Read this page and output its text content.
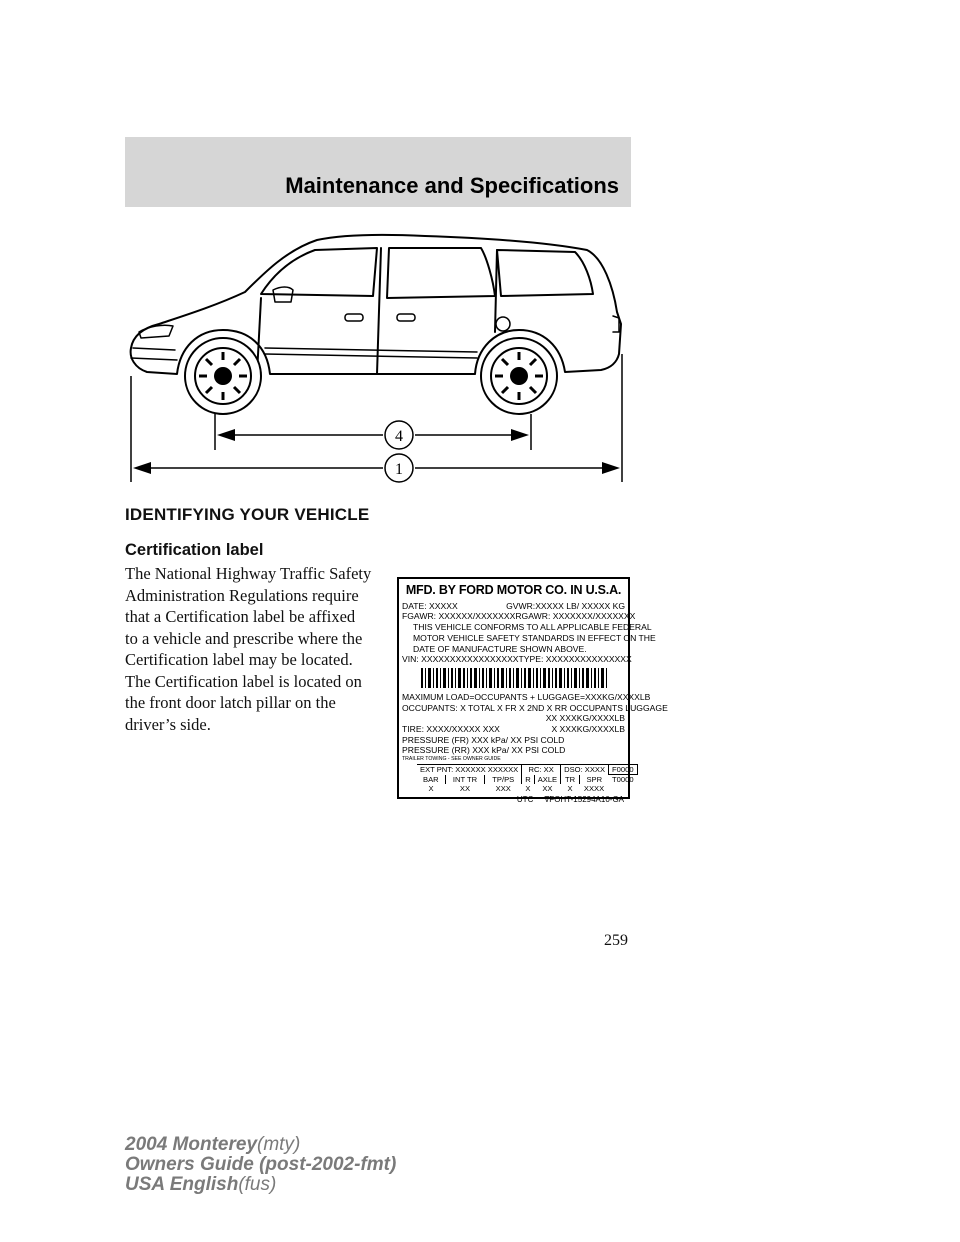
Maintenance and Specifications
4
1
IDENTIFYING YOUR VEHICLE
Certification label
The National Highway Traffic Safety
Administration Regulations require
that a Certification label be affixed
to a vehicle and prescribe where the
Certification label may be located.
The Certification label is located on
the front door latch pillar on the
driver’s side.
MFD. BY FORD MOTOR CO. IN U.S.A.
DATE: XXXXX	GVWR:XXXXX LB/ XXXXX KG
FGAWR: XXXXXX/XXXXXXX RGAWR: XXXXXXX/XXXXXXX
THIS VEHICLE CONFORMS TO ALL APPLICABLE FEDERAL
MOTOR VEHICLE SAFETY STANDARDS IN EFFECT ON THE
DATE OF MANUFACTURE SHOWN ABOVE.
VIN: XXXXXXXXXXXXXXXXX TYPE: XXXXXXXXXXXXXXX
MAXIMUM LOAD=OCCUPANTS + LUGGAGE=XXXKG/XXXXLB
OCCUPANTS: X TOTAL X FR X 2ND X RR OCCUPANTS LUGGAGE
XX XXXKG/XXXXLB
TIRE: XXXX/XXXXX XXX	X XXXKG/XXXXLB
PRESSURE (FR) XXX kPa/ XX PSI COLD
PRESSURE (RR) XXX kPa/ XX PSI COLD
TRAILER TOWING - SEE OWNER GUIDE
EXT PNT: XXXXXX XXXXXX			RC: XX		DSO: XXXX		F0000
BAR	INT TR	TP/PS	R	AXLE	TR	SPR	T0000
X	XX	XXX	X	XX	X	XXXX	
UTC ∇FOHT-15294A10-GA
259
2004 Monterey(mty)
Owners Guide (post-2002-fmt)
USA English(fus)
